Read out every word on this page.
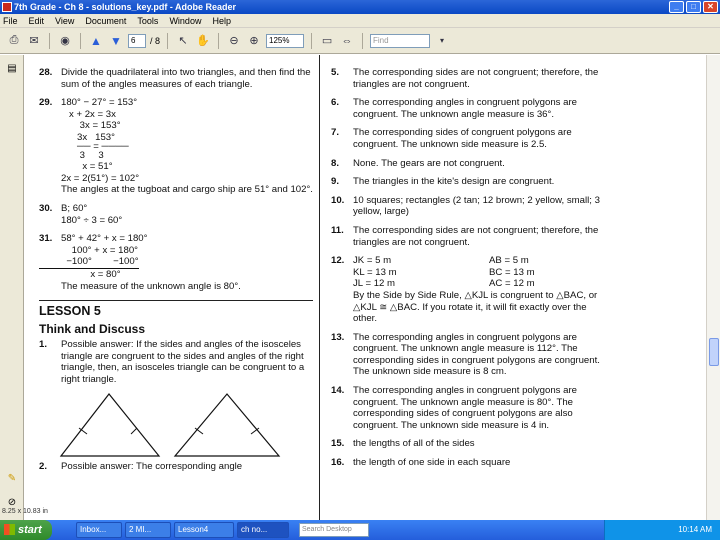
7th Grade - Ch 8 - solutions_key.pdf - Adobe Reader	_	□	✕
File Edit View Document Tools Window Help
⎙ ✉	◉ ▲ ▼	6	/ 8	↖ ✋	⊖ ⊕	125%	▭ ⇔	Find	▾
▤
✎
⊘
28. Divide the quadrilateral into two triangles, and then find the sum of the angles measures of each triangle.
29. 180° − 27° = 153°
x + 2x = 3x
3x = 153°
3x   153°
── = ────
3     3
x = 51°
2x = 2(51°) = 102°
The angles at the tugboat and cargo ship are 51° and 102°.
30. B; 60°
180° ÷ 3 = 60°
31. 58° + 42° + x = 180°
100° + x = 180°
−100°        −100°
x = 80°
The measure of the unknown angle is 80°.
LESSON 5
Think and Discuss
1. Possible answer: If the sides and angles of the isosceles triangle are congruent to the sides and angles of the right triangle, then, an isosceles triangle can be congruent to a right triangle.
2. Possible answer: The corresponding angle
5. The corresponding sides are not congruent; therefore, the triangles are not congruent.
6. The corresponding angles in congruent polygons are congruent. The unknown angle measure is 36°.
7. The corresponding sides of congruent polygons are congruent. The unknown side measure is 2.5.
8. None. The gears are not congruent.
9. The triangles in the kite's design are congruent.
10. 10 squares; rectangles (2 tan; 12 brown; 2 yellow, small; 3 yellow, large)
11. The corresponding sides are not congruent; therefore, the triangles are not congruent.
12. JK = 5 m	AB = 5 m
KL = 13 m	BC = 13 m
JL = 12 m	AC = 12 m
By the Side by Side Rule, △KJL is congruent to △BAC, or △KJL ≅ △BAC. If you rotate it, it will fit exactly over the other.
13. The corresponding angles in congruent polygons are congruent. The unknown angle measure is 112°. The corresponding sides in congruent polygons are congruent. The unknown side measure is 8 cm.
14. The corresponding angles in congruent polygons are congruent. The unknown angle measure is 80°. The corresponding sides of congruent polygons are also congruent. The unknown side measure is 4 in.
15. the lengths of all of the sides
16. the length of one side in each square
8.25 x 10.83 in
start	Inbox...	2 MI...	Lesson4	ch no...	Search Desktop	10:14 AM
